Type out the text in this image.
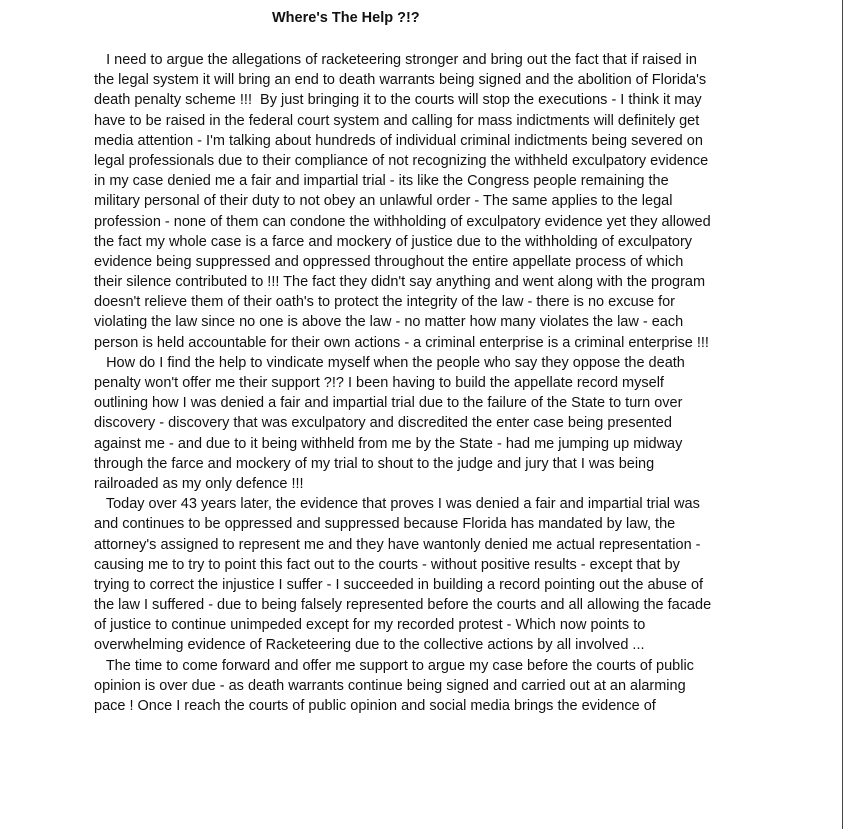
Where's The Help ?!?
I need to argue the allegations of racketeering stronger and bring out the fact that if raised in
the legal system it will bring an end to death warrants being signed and the abolition of Florida's
death penalty scheme !!!  By just bringing it to the courts will stop the executions - I think it may
have to be raised in the federal court system and calling for mass indictments will definitely get
media attention - I'm talking about hundreds of individual criminal indictments being severed on
legal professionals due to their compliance of not recognizing the withheld exculpatory evidence
in my case denied me a fair and impartial trial - its like the Congress people remaining the
military personal of their duty to not obey an unlawful order - The same applies to the legal
profession - none of them can condone the withholding of exculpatory evidence yet they allowed
the fact my whole case is a farce and mockery of justice due to the withholding of exculpatory
evidence being suppressed and oppressed throughout the entire appellate process of which
their silence contributed to !!! The fact they didn't say anything and went along with the program
doesn't relieve them of their oath's to protect the integrity of the law - there is no excuse for
violating the law since no one is above the law - no matter how many violates the law - each
person is held accountable for their own actions - a criminal enterprise is a criminal enterprise !!!
How do I find the help to vindicate myself when the people who say they oppose the death
penalty won't offer me their support ?!? I been having to build the appellate record myself
outlining how I was denied a fair and impartial trial due to the failure of the State to turn over
discovery - discovery that was exculpatory and discredited the enter case being presented
against me - and due to it being withheld from me by the State - had me jumping up midway
through the farce and mockery of my trial to shout to the judge and jury that I was being
railroaded as my only defence !!!
Today over 43 years later, the evidence that proves I was denied a fair and impartial trial was
and continues to be oppressed and suppressed because Florida has mandated by law, the
attorney's assigned to represent me and they have wantonly denied me actual representation -
causing me to try to point this fact out to the courts - without positive results - except that by
trying to correct the injustice I suffer - I succeeded in building a record pointing out the abuse of
the law I suffered - due to being falsely represented before the courts and all allowing the facade
of justice to continue unimpeded except for my recorded protest - Which now points to
overwhelming evidence of Racketeering due to the collective actions by all involved ...
The time to come forward and offer me support to argue my case before the courts of public
opinion is over due - as death warrants continue being signed and carried out at an alarming
pace ! Once I reach the courts of public opinion and social media brings the evidence of
